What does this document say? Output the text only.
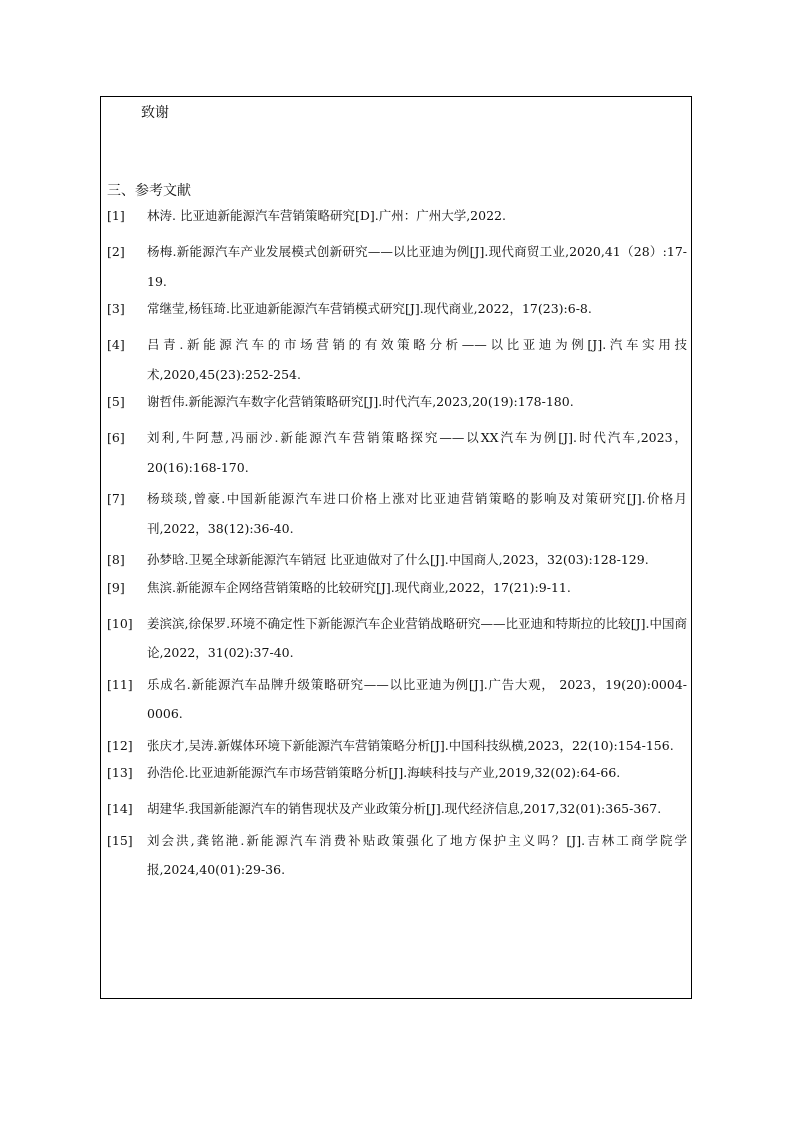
致谢
三、参考文献
[1] 林涛. 比亚迪新能源汽车营销策略研究[D].广州：广州大学,2022.
[2] 杨梅.新能源汽车产业发展模式创新研究——以比亚迪为例[J].现代商贸工业,2020,41（28）:17-19.
[3] 常继莹,杨钰琦.比亚迪新能源汽车营销模式研究[J].现代商业,2022，17(23):6-8.
[4] 吕青.新能源汽车的市场营销的有效策略分析——以比亚迪为例[J].汽车实用技术,2020,45(23):252-254.
[5] 谢哲伟.新能源汽车数字化营销策略研究[J].时代汽车,2023,20(19):178-180.
[6] 刘利,牛阿慧,冯丽沙.新能源汽车营销策略探究——以XX汽车为例[J].时代汽车,2023，20(16):168-170.
[7] 杨琰琰,曾豪.中国新能源汽车进口价格上涨对比亚迪营销策略的影响及对策研究[J].价格月刊,2022，38(12):36-40.
[8] 孙梦晗.卫冕全球新能源汽车销冠 比亚迪做对了什么[J].中国商人,2023，32(03):128-129.
[9] 焦滨.新能源车企网络营销策略的比较研究[J].现代商业,2022，17(21):9-11.
[10] 姜滨滨,徐保罗.环境不确定性下新能源汽车企业营销战略研究——比亚迪和特斯拉的比较[J].中国商论,2022，31(02):37-40.
[11] 乐成名.新能源汽车品牌升级策略研究——以比亚迪为例[J].广告大观， 2023，19(20):0004-0006.
[12] 张庆才,吴涛.新媒体环境下新能源汽车营销策略分析[J].中国科技纵横,2023，22(10):154-156.
[13] 孙浩伦.比亚迪新能源汽车市场营销策略分析[J].海峡科技与产业,2019,32(02):64-66.
[14] 胡建华.我国新能源汽车的销售现状及产业政策分析[J].现代经济信息,2017,32(01):365-367.
[15] 刘会洪,龚铭滟.新能源汽车消费补贴政策强化了地方保护主义吗？[J].吉林工商学院学报,2024,40(01):29-36.
